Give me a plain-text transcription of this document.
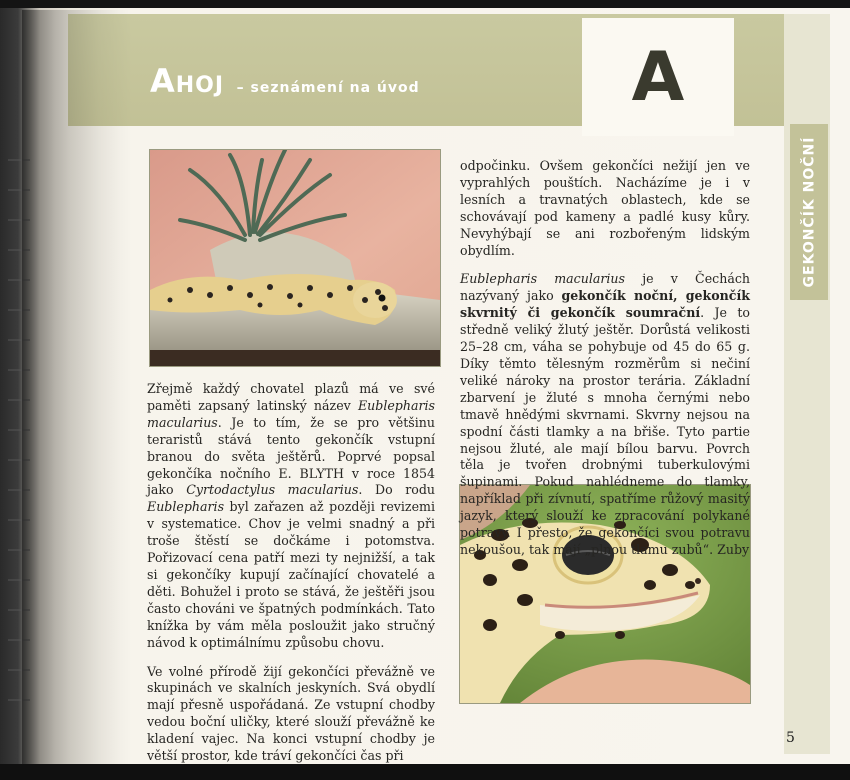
Ahoj – seznámení na úvod	A
GEKONČÍK NOČNÍ

Zřejmě každý chovatel plazů má ve své paměti zapsaný latinský název Eublepharis macularius. Je to tím, že se pro většinu teraristů stává tento gekončík vstupní branou do světa ještěrů. Poprvé popsal gekončíka nočního E. BLYTH v roce 1854 jako Cyrtodactylus macularius. Do rodu Eublepharis byl zařazen až později revizemi v systematice. Chov je velmi snadný a při troše štěstí se dočkáme i potomstva. Pořizovací cena patří mezi ty nejnižší, a tak si gekončíky kupují začínající chovatelé a děti. Bohužel i proto se stává, že ještěři jsou často chováni ve špatných podmínkách. Tato knížka by vám měla posloužit jako stručný návod k optimálnímu způsobu chovu.

Ve volné přírodě žijí gekončíci převážně ve skupinách ve skalních jeskyních. Svá obydlí mají přesně uspořádaná. Ze vstupní chodby vedou boční uličky, které slouží převážně ke kladení vajec. Na konci vstupní chodby je větší prostor, kde tráví gekončíci čas při

odpočinku. Ovšem gekončíci nežijí jen ve vyprahlých pouštích. Nacházíme je i v lesních a travnatých oblastech, kde se schovávají pod kameny a padlé kusy kůry. Nevyhýbají se ani rozbořeným lidským obydlím.

Eublepharis macularius je v Čechách nazývaný jako gekončík noční, gekončík skvrnitý či gekončík soumrační. Je to středně veliký žlutý ještěr. Dorůstá velikosti 25–28 cm, váha se pohybuje od 45 do 65 g. Díky těmto tělesným rozměrům si nečiní veliké nároky na prostor terária. Základní zbarvení je žluté s mnoha černými nebo tmavě hnědými skvrnami. Skvrny nejsou na spodní části tlamky a na břiše. Tyto partie nejsou žluté, ale mají bílou barvu. Povrch těla je tvořen drobnými tuberkulovými šupinami. Pokud nahlédneme do tlamky, například při zívnutí, spatříme růžový masitý jazyk, který slouží ke zpracování polykané potravy. I přesto, že gekončíci svou potravu nekoušou, tak mají „plnou tlamu zubů“. Zuby

5
